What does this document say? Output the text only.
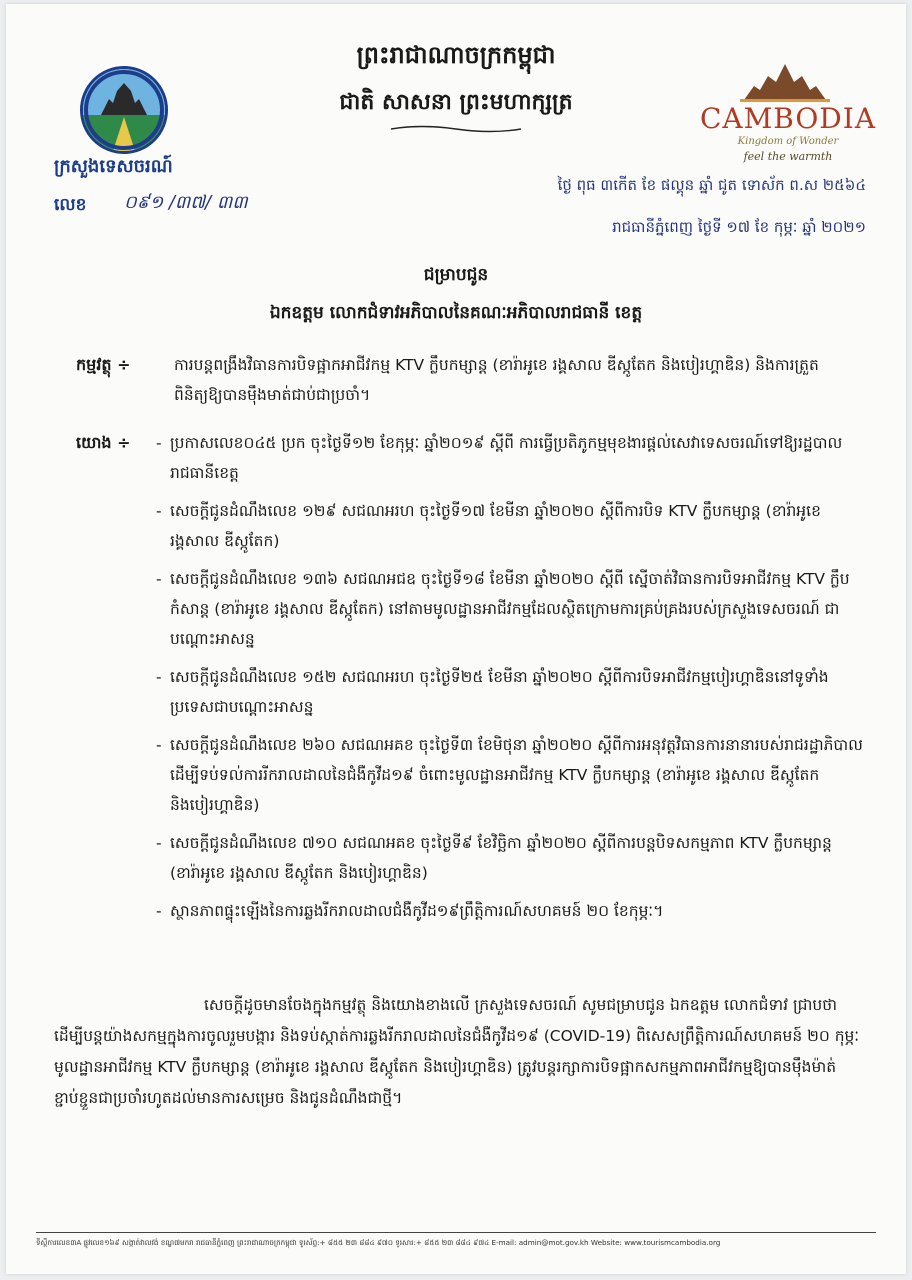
ព្រះរាជាណាចក្រកម្ពុជា
ជាតិ សាសនា ព្រះមហាក្សត្រ
ក្រសួងទេសចរណ៍
លេខ ០៩១ /៣៧/ ៣៣
CAMBODIA
Kingdom of Wonder
feel the warmth
ថ្ងៃ ពុធ ៣កើត ខែ ផល្គុន ឆ្នាំ ជូត ទោស័ក ព.ស ២៥៦៤
រាជធានីភ្នំពេញ ថ្ងៃទី ១៧ ខែ កុម្ភៈ ឆ្នាំ ២០២១
ជម្រាបជូន
ឯកឧត្ដម លោកជំទាវអភិបាលនៃគណៈអភិបាលរាជធានី ខេត្ត
កម្មវត្ថុ ÷	ការបន្តពង្រឹងវិធានការបិទផ្អាកអាជីវកម្ម KTV ក្លឹបកម្សាន្ត (ខារ៉ាអូខេ រង្គសាល ឌីស្កូតែក និងបៀរហ្គាឌិន) និងការត្រួតពិនិត្យឱ្យបានម៉ឹងមាត់ជាប់ជាប្រចាំ។
យោង ÷
-	ប្រកាសលេខ០៤៥ ប្រក ចុះថ្ងៃទី១២ ខែកុម្ភៈ ឆ្នាំ២០១៩ ស្ដីពី ការធ្វើប្រតិភូកម្មមុខងារផ្ដល់សេវាទេសចរណ៍ទៅឱ្យរដ្ឋបាលរាជធានីខេត្ត
- សេចក្តីជូនដំណឹងលេខ ១២៩ សជណអរហ ចុះថ្ងៃទី១៧ ខែមីនា ឆ្នាំ២០២០ ស្ដីពីការបិទ KTV ក្លឹបកម្សាន្ត (ខារ៉ាអូខេ រង្គសាល ឌីស្កូតែក)
- សេចក្តីជូនដំណឹងលេខ ១៣៦ សជណអជឧ ចុះថ្ងៃទី១៨ ខែមីនា ឆ្នាំ២០២០ ស្ដីពី ស្នើចាត់វិធានការបិទអាជីវកម្ម KTV ក្លឹបកំសាន្ត (ខារ៉ាអូខេ រង្គសាល ឌីស្កូតែក) នៅតាមមូលដ្ឋានអាជីវកម្មដែលស្ថិតក្រោមការគ្រប់គ្រងរបស់ក្រសួងទេសចរណ៍ ជាបណ្ដោះអាសន្ន
- សេចក្តីជូនដំណឹងលេខ ១៥២ សជណអរហ ចុះថ្ងៃទី២៥ ខែមីនា ឆ្នាំ២០២០ ស្ដីពីការបិទអាជីវកម្មបៀរហ្គាឌិននៅទូទាំងប្រទេសជាបណ្ដោះអាសន្ន
- សេចក្តីជូនដំណឹងលេខ ២៦០ សជណអគខ ចុះថ្ងៃទី៣ ខែមិថុនា ឆ្នាំ២០២០ ស្ដីពីការអនុវត្តវិធានការនានារបស់រាជរដ្ឋាភិបាល ដើម្បីទប់ទល់ការរីករាលដាលនៃជំងឺកូវីដ១៩ ចំពោះមូលដ្ឋានអាជីវកម្ម KTV ក្លឹបកម្សាន្ត (ខារ៉ាអូខេ រង្គសាល ឌីស្កូតែក និងបៀរហ្គាឌិន)
- សេចក្តីជូនដំណឹងលេខ ៧១០ សជណអគខ ចុះថ្ងៃទី៩ ខែវិច្ឆិកា ឆ្នាំ២០២០ ស្ដីពីការបន្តបិទសកម្មភាព KTV ក្លឹបកម្សាន្ត (ខារ៉ាអូខេ រង្គសាល ឌីស្កូតែក និងបៀរហ្គាឌិន)
- ស្ថានភាពផ្ទុះឡើងនៃការឆ្លងរីករាលដាលជំងឺកូវីដ១៩ព្រឹត្តិការណ៍សហគមន៍ ២០ ខែកុម្ភៈ។
សេចក្តីដូចមានចែងក្នុងកម្មវត្ថុ និងយោងខាងលើ ក្រសួងទេសចរណ៍ សូមជម្រាបជូន ឯកឧត្ដម លោកជំទាវ ជ្រាបថា ដើម្បីបន្តយ៉ាងសកម្មក្នុងការចូលរួមបង្ការ និងទប់ស្កាត់ការឆ្លងរីករាលដាលនៃជំងឺកូវីដ១៩ (COVID-19) ពិសេសព្រឹត្តិការណ៍សហគមន៍ ២០ កុម្ភៈ មូលដ្ឋានអាជីវកម្ម KTV ក្លឹបកម្សាន្ត (ខារ៉ាអូខេ រង្គសាល ឌីស្កូតែក និងបៀរហ្គាឌិន) ត្រូវបន្តរក្សាការបិទផ្អាកសកម្មភាពអាជីវកម្មឱ្យបានម៉ឹងម៉ាត់ ខ្ជាប់ខ្ជួនជាប្រចាំរហូតដល់មានការសម្រេច និងជូនដំណឹងជាថ្មី។
ទីស្ដីការលេខ៣A ផ្លូវលេខ១៦៩ សង្កាត់វាលវង់ ខណ្ឌ៧មករា រាជធានីភ្នំពេញ ព្រះរាជាណាចក្រកម្ពុជា ទូរស័ព្ទ:+ ៨៥៥ ២៣ ៨៨៤ ៩៧០ ទូរសារ:+ ៨៥៥ ២៣ ៨៨៤ ៩៧៤ E-mail: admin@mot.gov.kh Website: www.tourismcambodia.org
